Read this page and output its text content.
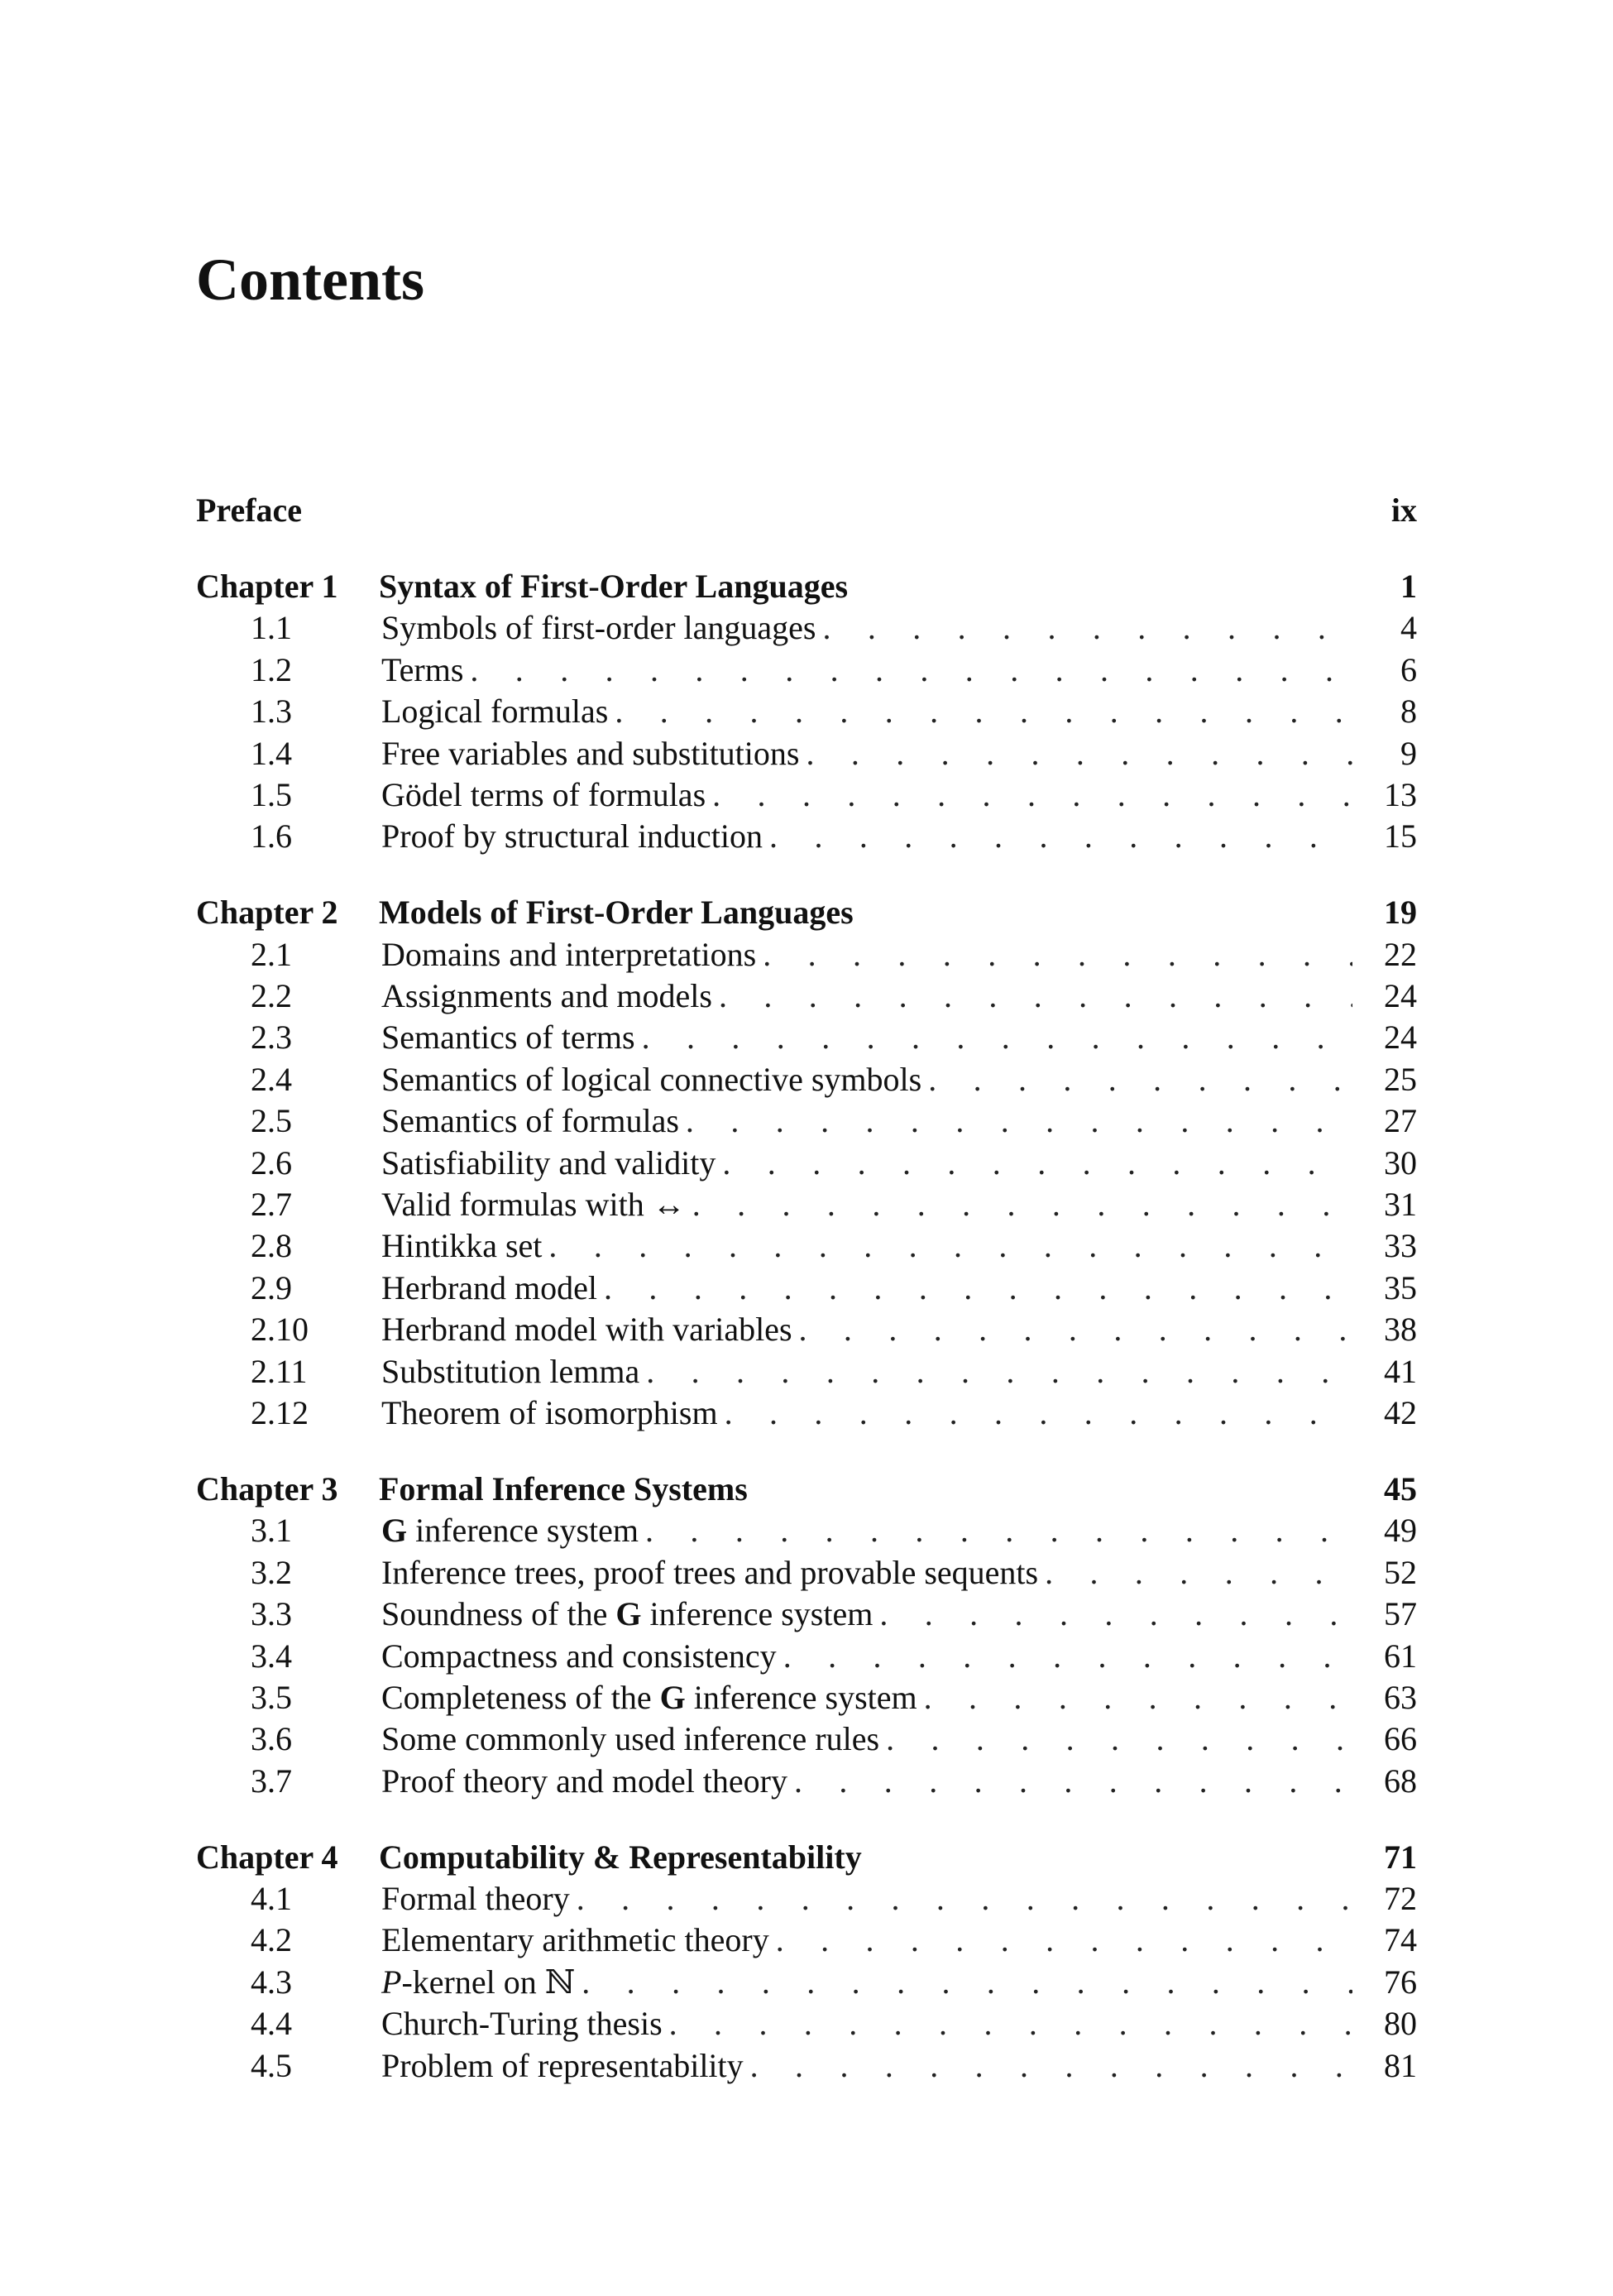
Contents
Preface	ix
Chapter 1	Syntax of First-Order Languages	1
1.1	Symbols of first-order languages . . .	4
1.2	Terms . . .	6
1.3	Logical formulas . . .	8
1.4	Free variables and substitutions . . .	9
1.5	Gödel terms of formulas . . .	13
1.6	Proof by structural induction . . .	15
Chapter 2	Models of First-Order Languages	19
2.1	Domains and interpretations . . .	22
2.2	Assignments and models . . .	24
2.3	Semantics of terms . . .	24
2.4	Semantics of logical connective symbols . . .	25
2.5	Semantics of formulas . . .	27
2.6	Satisfiability and validity . . .	30
2.7	Valid formulas with ↔ . . .	31
2.8	Hintikka set . . .	33
2.9	Herbrand model . . .	35
2.10	Herbrand model with variables . . .	38
2.11	Substitution lemma . . .	41
2.12	Theorem of isomorphism . . .	42
Chapter 3	Formal Inference Systems	45
3.1	G inference system . . .	49
3.2	Inference trees, proof trees and provable sequents . . .	52
3.3	Soundness of the G inference system . . .	57
3.4	Compactness and consistency . . .	61
3.5	Completeness of the G inference system . . .	63
3.6	Some commonly used inference rules . . .	66
3.7	Proof theory and model theory . . .	68
Chapter 4	Computability & Representability	71
4.1	Formal theory . . .	72
4.2	Elementary arithmetic theory . . .	74
4.3	P-kernel on ℕ . . .	76
4.4	Church-Turing thesis . . .	80
4.5	Problem of representability . . .	81
